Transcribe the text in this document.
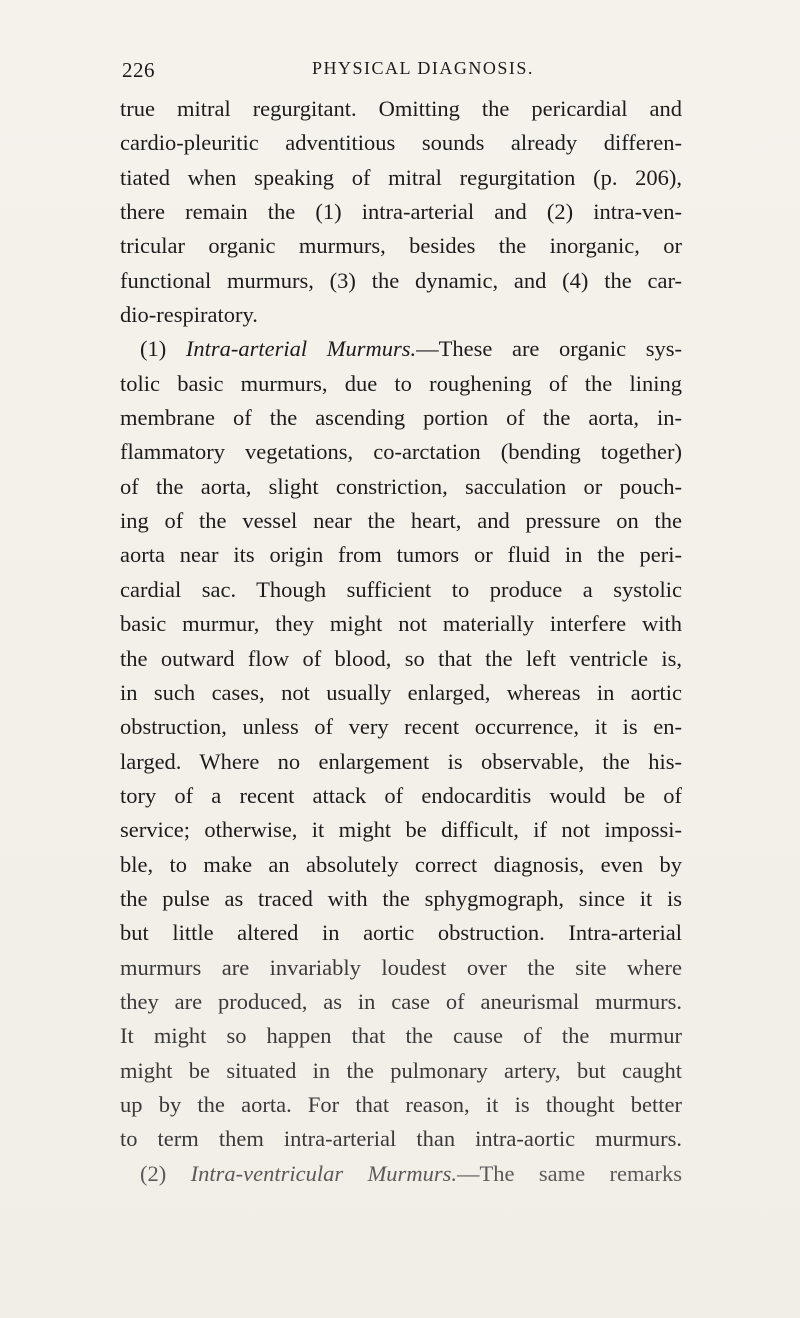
226	PHYSICAL DIAGNOSIS.
true mitral regurgitant. Omitting the pericardial and
cardio-pleuritic adventitious sounds already differen-
tiated when speaking of mitral regurgitation (p. 206),
there remain the (1) intra-arterial and (2) intra-ven-
tricular organic murmurs, besides the inorganic, or
functional murmurs, (3) the dynamic, and (4) the car-
dio-respiratory.
(1) Intra-arterial Murmurs.—These are organic sys-
tolic basic murmurs, due to roughening of the lining
membrane of the ascending portion of the aorta, in-
flammatory vegetations, co-arctation (bending together)
of the aorta, slight constriction, sacculation or pouch-
ing of the vessel near the heart, and pressure on the
aorta near its origin from tumors or fluid in the peri-
cardial sac. Though sufficient to produce a systolic
basic murmur, they might not materially interfere with
the outward flow of blood, so that the left ventricle is,
in such cases, not usually enlarged, whereas in aortic
obstruction, unless of very recent occurrence, it is en-
larged. Where no enlargement is observable, the his-
tory of a recent attack of endocarditis would be of
service; otherwise, it might be difficult, if not impossi-
ble, to make an absolutely correct diagnosis, even by
the pulse as traced with the sphygmograph, since it is
but little altered in aortic obstruction. Intra-arterial
murmurs are invariably loudest over the site where
they are produced, as in case of aneurismal murmurs.
It might so happen that the cause of the murmur
might be situated in the pulmonary artery, but caught
up by the aorta. For that reason, it is thought better
to term them intra-arterial than intra-aortic murmurs.
(2) Intra-ventricular Murmurs.—The same remarks
